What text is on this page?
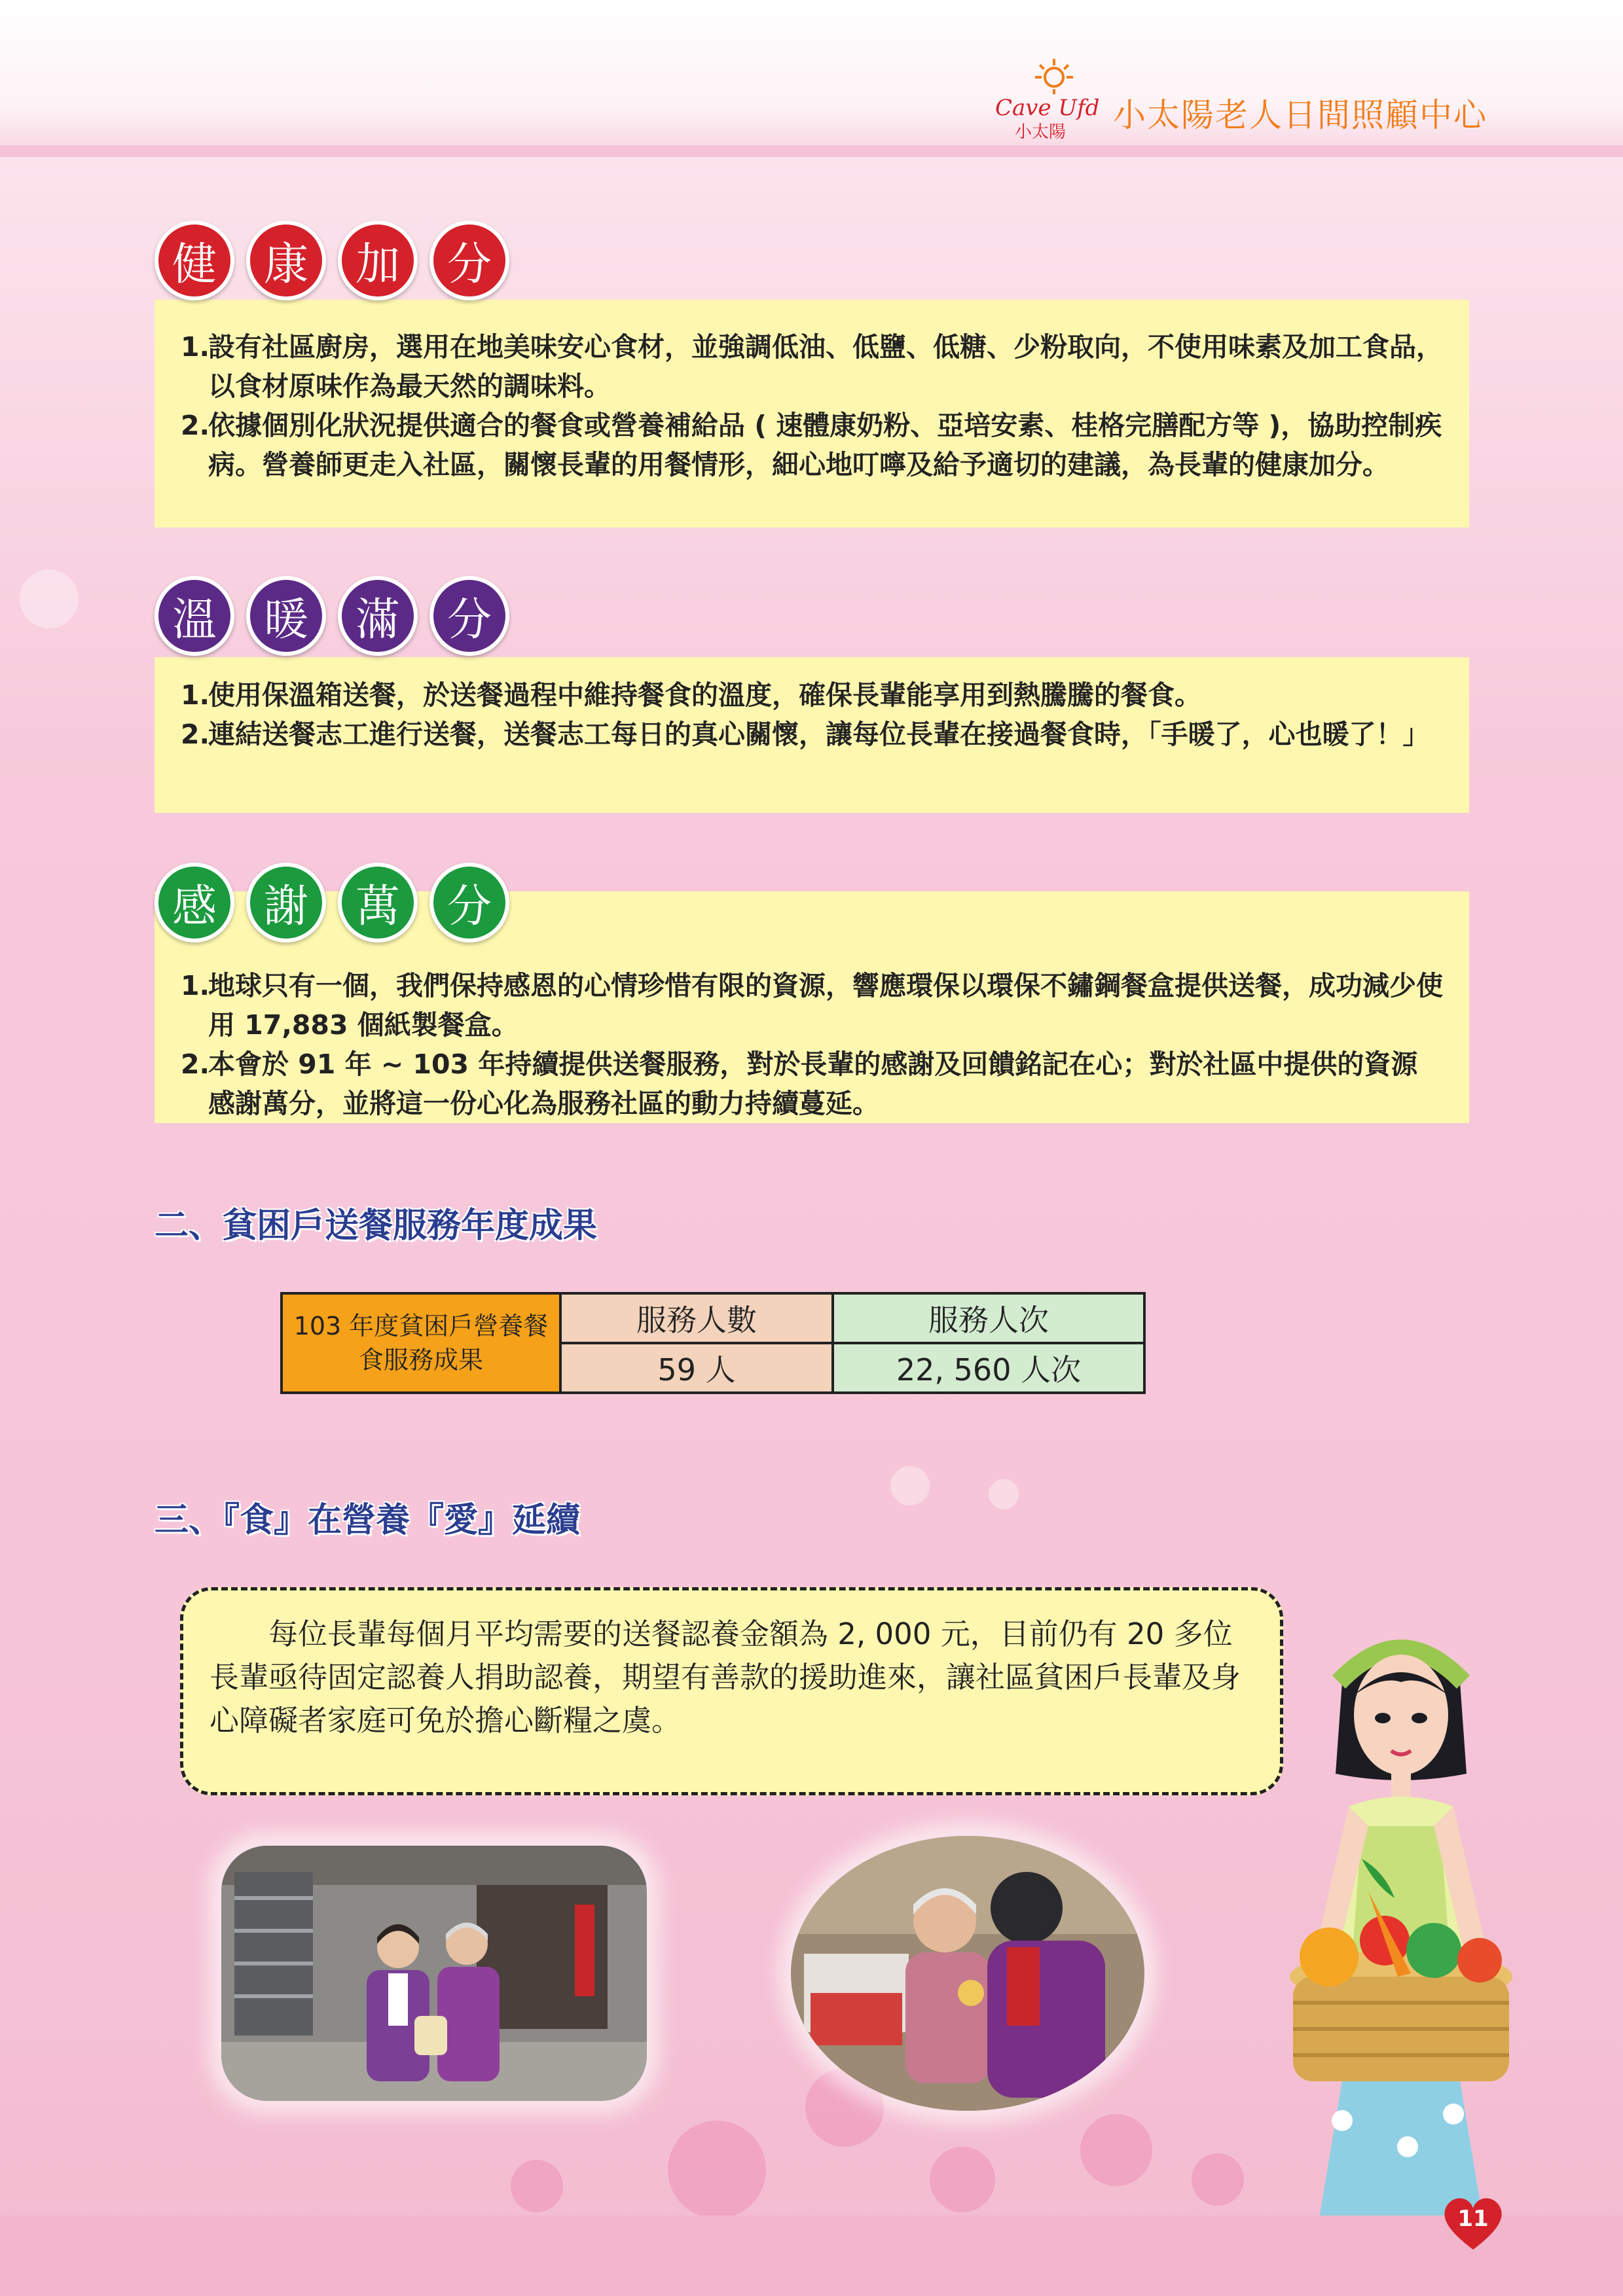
Cave Ufd
小太陽 小太陽老人日間照顧中心
1.
設有社區廚房，選用在地美味安心食材，並強調低油、低鹽、低糖、少粉取向，不使用味素及加工食品，以食材原味作為最天然的調味料。
2.
依據個別化狀況提供適合的餐食或營養補給品 ( 速體康奶粉、亞培安素、桂格完膳配方等 )，協助控制疾病。營養師更走入社區，關懷長輩的用餐情形，細心地叮嚀及給予適切的建議，為長輩的健康加分。
健	康	加	分
1.
使用保溫箱送餐，於送餐過程中維持餐食的溫度，確保長輩能享用到熱騰騰的餐食。
2.
連結送餐志工進行送餐，送餐志工每日的真心關懷，讓每位長輩在接過餐食時，「手暖了，心也暖了！」
溫	暖	滿	分
1.
地球只有一個，我們保持感恩的心情珍惜有限的資源，響應環保以環保不鏽鋼餐盒提供送餐，成功減少使用 17,883 個紙製餐盒。
2.
本會於 91 年 ~ 103 年持續提供送餐服務，對於長輩的感謝及回饋銘記在心；對於社區中提供的資源感謝萬分，並將這一份心化為服務社區的動力持續蔓延。
感	謝	萬	分
二、貧困戶送餐服務年度成果
103 年度貧困戶營養餐食服務成果	服務人數	服務人次
	59 人	22, 560 人次
三、『食』在營養『愛』延續

每位長輩每個月平均需要的送餐認養金額為 2, 000 元，目前仍有 20 多位長輩亟待固定認養人捐助認養，期望有善款的援助進來，讓社區貧困戶長輩及身心障礙者家庭可免於擔心斷糧之虞。

11
